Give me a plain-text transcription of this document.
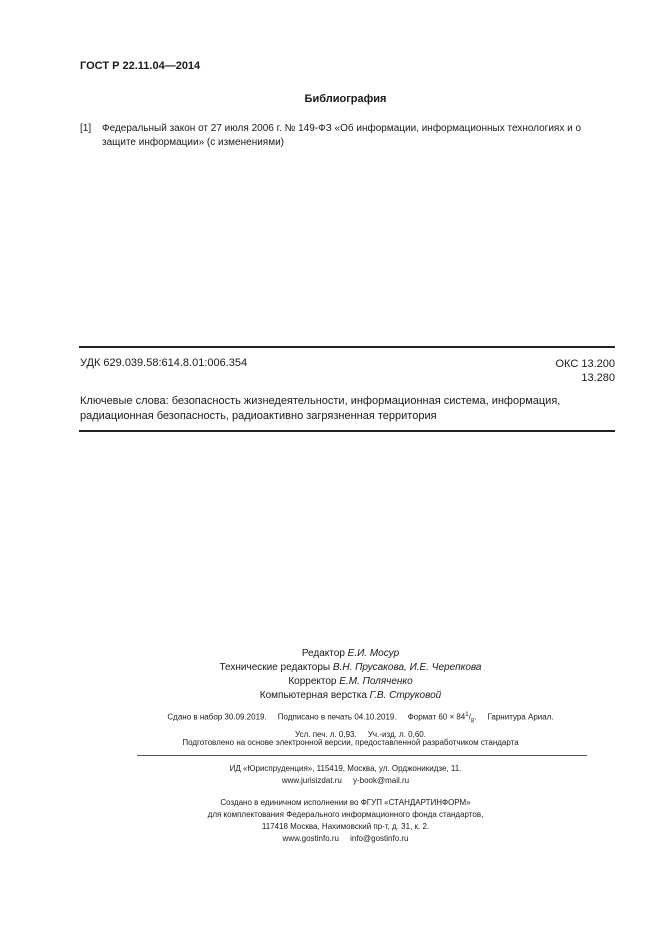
ГОСТ Р 22.11.04—2014
Библиография
[1] Федеральный закон от 27 июля 2006 г. № 149-ФЗ «Об информации, информационных технологиях и о защите информации» (с изменениями)
УДК 629.039.58:614.8.01:006.354	ОКС 13.200
13.280
Ключевые слова: безопасность жизнедеятельности, информационная система, информация, радиационная безопасность, радиоактивно загрязненная территория
Редактор Е.И. Мосур
Технические редакторы В.Н. Прусакова, И.Е. Черепкова
Корректор Е.М. Поляченко
Компьютерная верстка Г.В. Струковой
Сдано в набор 30.09.2019.     Подписано в печать 04.10.2019.     Формат $60 \times 84^1/_8$.     Гарнитура Ариал.
Усл. печ. л. 0,93.     Уч.-изд. л. 0,60.
Подготовлено на основе электронной версии, предоставленной разработчиком стандарта
ИД «Юриспруденция», 115419, Москва, ул. Орджоникидзе, 11.
www.jurisizdat.ru     y-book@mail.ru
Создано в единичном исполнении во ФГУП «СТАНДАРТИНФОРМ»
для комплектования Федерального информационного фонда стандартов,
117418 Москва, Нахимовский пр-т, д. 31, к. 2.
www.gostinfo.ru     info@gostinfo.ru
